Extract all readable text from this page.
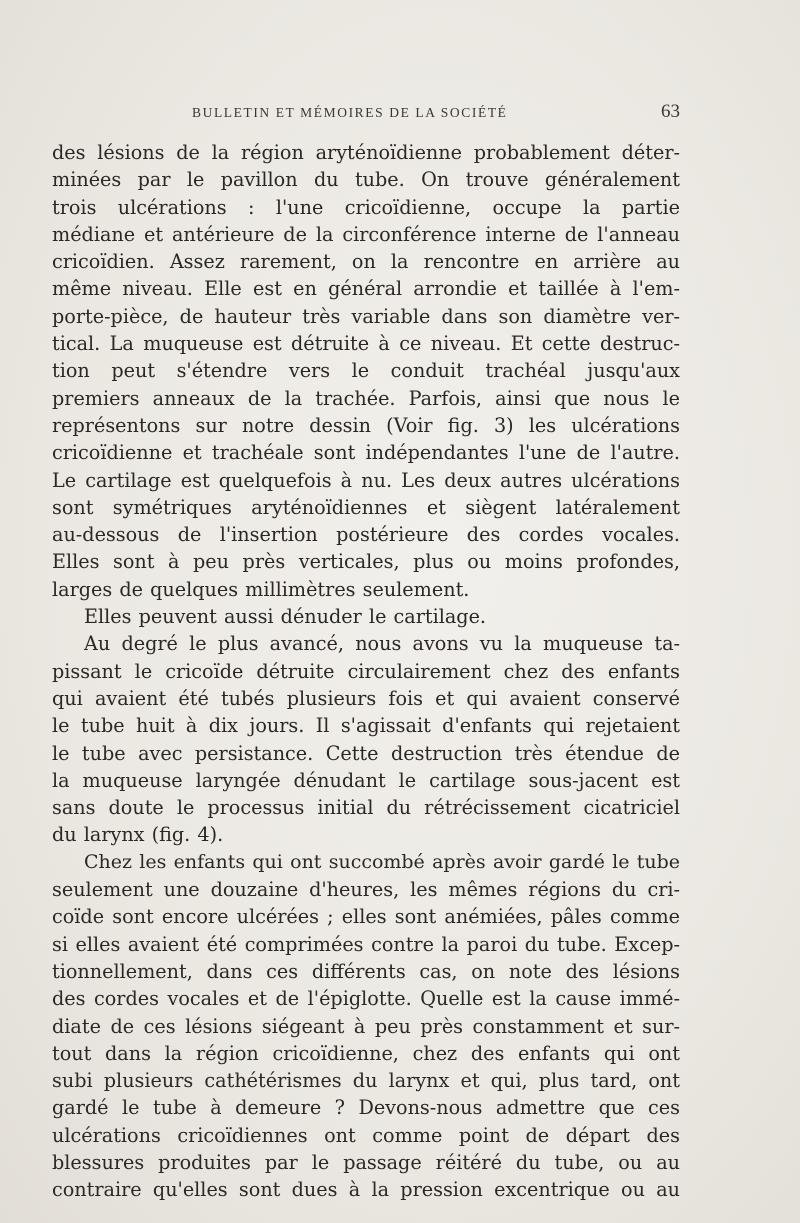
BULLETIN ET MÉMOIRES DE LA SOCIÉTÉ	63
des lésions de la région aryténoïdienne probablement déter-
minées par le pavillon du tube. On trouve généralement
trois ulcérations : l'une cricoïdienne, occupe la partie
médiane et antérieure de la circonférence interne de l'anneau
cricoïdien. Assez rarement, on la rencontre en arrière au
même niveau. Elle est en général arrondie et taillée à l'em-
porte-pièce, de hauteur très variable dans son diamètre ver-
tical. La muqueuse est détruite à ce niveau. Et cette destruc-
tion peut s'étendre vers le conduit trachéal jusqu'aux
premiers anneaux de la trachée. Parfois, ainsi que nous le
représentons sur notre dessin (Voir fig. 3) les ulcérations
cricoïdienne et trachéale sont indépendantes l'une de l'autre.
Le cartilage est quelquefois à nu. Les deux autres ulcérations
sont symétriques aryténoïdiennes et siègent latéralement
au-dessous de l'insertion postérieure des cordes vocales.
Elles sont à peu près verticales, plus ou moins profondes,
larges de quelques millimètres seulement.
Elles peuvent aussi dénuder le cartilage.
Au degré le plus avancé, nous avons vu la muqueuse ta-
pissant le cricoïde détruite circulairement chez des enfants
qui avaient été tubés plusieurs fois et qui avaient conservé
le tube huit à dix jours. Il s'agissait d'enfants qui rejetaient
le tube avec persistance. Cette destruction très étendue de
la muqueuse laryngée dénudant le cartilage sous-jacent est
sans doute le processus initial du rétrécissement cicatriciel
du larynx (fig. 4).
Chez les enfants qui ont succombé après avoir gardé le tube
seulement une douzaine d'heures, les mêmes régions du cri-
coïde sont encore ulcérées ; elles sont anémiées, pâles comme
si elles avaient été comprimées contre la paroi du tube. Excep-
tionnellement, dans ces différents cas, on note des lésions
des cordes vocales et de l'épiglotte. Quelle est la cause immé-
diate de ces lésions siégeant à peu près constamment et sur-
tout dans la région cricoïdienne, chez des enfants qui ont
subi plusieurs cathétérismes du larynx et qui, plus tard, ont
gardé le tube à demeure ? Devons-nous admettre que ces
ulcérations cricoïdiennes ont comme point de départ des
blessures produites par le passage réitéré du tube, ou au
contraire qu'elles sont dues à la pression excentrique ou au
